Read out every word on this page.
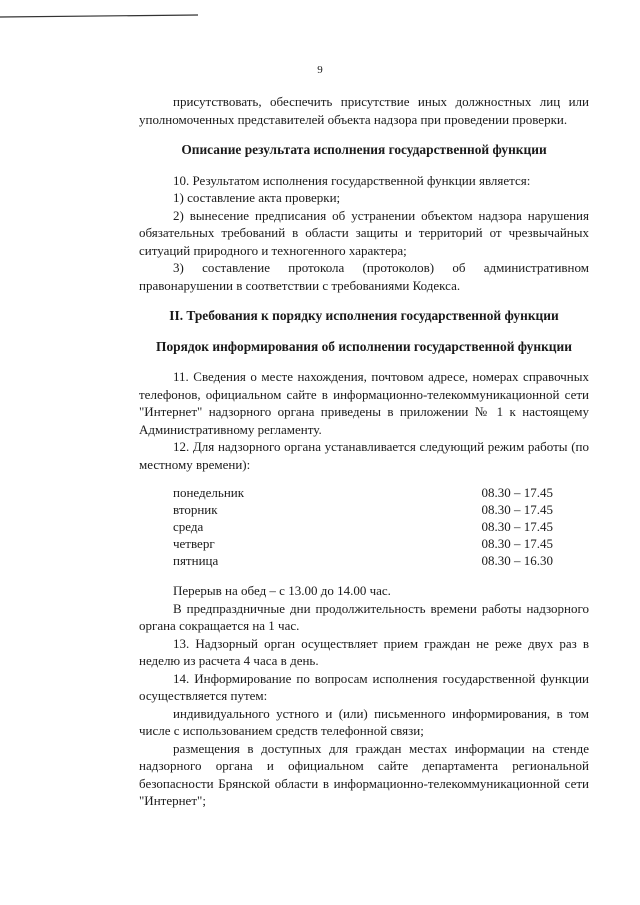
9

присутствовать, обеспечить присутствие иных должностных лиц или уполномоченных представителей объекта надзора при проведении проверки.

Описание результата исполнения государственной функции

10. Результатом исполнения государственной функции является:

1) составление акта проверки;

2) вынесение предписания об устранении объектом надзора нарушения обязательных требований в области защиты и территорий от чрезвычайных ситуаций природного и техногенного характера;

3) составление протокола (протоколов) об административном правонарушении в соответствии с требованиями Кодекса.

II. Требования к порядку исполнения государственной функции

Порядок информирования об исполнении государственной функции

11. Сведения о месте нахождения, почтовом адресе, номерах справочных телефонов, официальном сайте в информационно-телекоммуникационной сети "Интернет" надзорного органа приведены в приложении № 1 к настоящему Административному регламенту.

12. Для надзорного органа устанавливается следующий режим работы (по местному времени):

понедельник	08.30 – 17.45
вторник	08.30 – 17.45
среда	08.30 – 17.45
четверг	08.30 – 17.45
пятница	08.30 – 16.30

Перерыв на обед – с 13.00 до 14.00 час.

В предпраздничные дни продолжительность времени работы надзорного органа сокращается на 1 час.

13. Надзорный орган осуществляет прием граждан не реже двух раз в неделю из расчета 4 часа в день.

14. Информирование по вопросам исполнения государственной функции осуществляется путем:

индивидуального устного и (или) письменного информирования, в том числе с использованием средств телефонной связи;

размещения в доступных для граждан местах информации на стенде надзорного органа и официальном сайте департамента региональной безопасности Брянской области в информационно-телекоммуникационной сети "Интернет";
